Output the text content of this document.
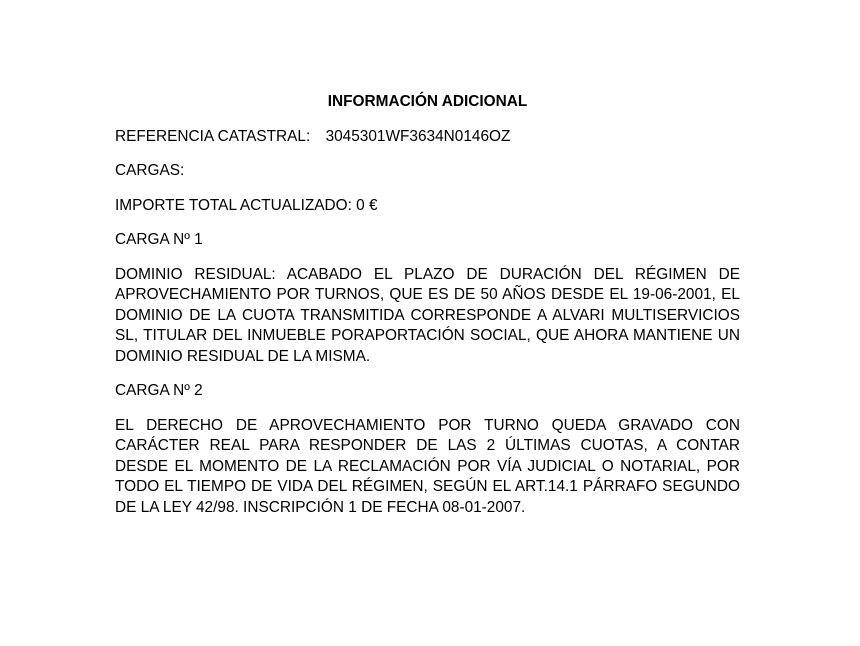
INFORMACIÓN ADICIONAL
REFERENCIA CATASTRAL: 3045301WF3634N0146OZ
CARGAS:
IMPORTE TOTAL ACTUALIZADO: 0 €
CARGA Nº 1
DOMINIO RESIDUAL: ACABADO EL PLAZO DE DURACIÓN DEL RÉGIMEN DE APROVECHAMIENTO POR TURNOS, QUE ES DE 50 AÑOS DESDE EL 19-06-2001, EL DOMINIO DE LA CUOTA TRANSMITIDA CORRESPONDE A ALVARI MULTISERVICIOS SL, TITULAR DEL INMUEBLE PORAPORTACIÓN SOCIAL, QUE AHORA MANTIENE UN DOMINIO RESIDUAL DE LA MISMA.
CARGA Nº 2
EL DERECHO DE APROVECHAMIENTO POR TURNO QUEDA GRAVADO CON CARÁCTER REAL PARA RESPONDER DE LAS 2 ÚLTIMAS CUOTAS, A CONTAR DESDE EL MOMENTO DE LA RECLAMACIÓN POR VÍA JUDICIAL O NOTARIAL, POR TODO EL TIEMPO DE VIDA DEL RÉGIMEN, SEGÚN EL ART.14.1 PÁRRAFO SEGUNDO DE LA LEY 42/98. INSCRIPCIÓN 1 DE FECHA 08-01-2007.
